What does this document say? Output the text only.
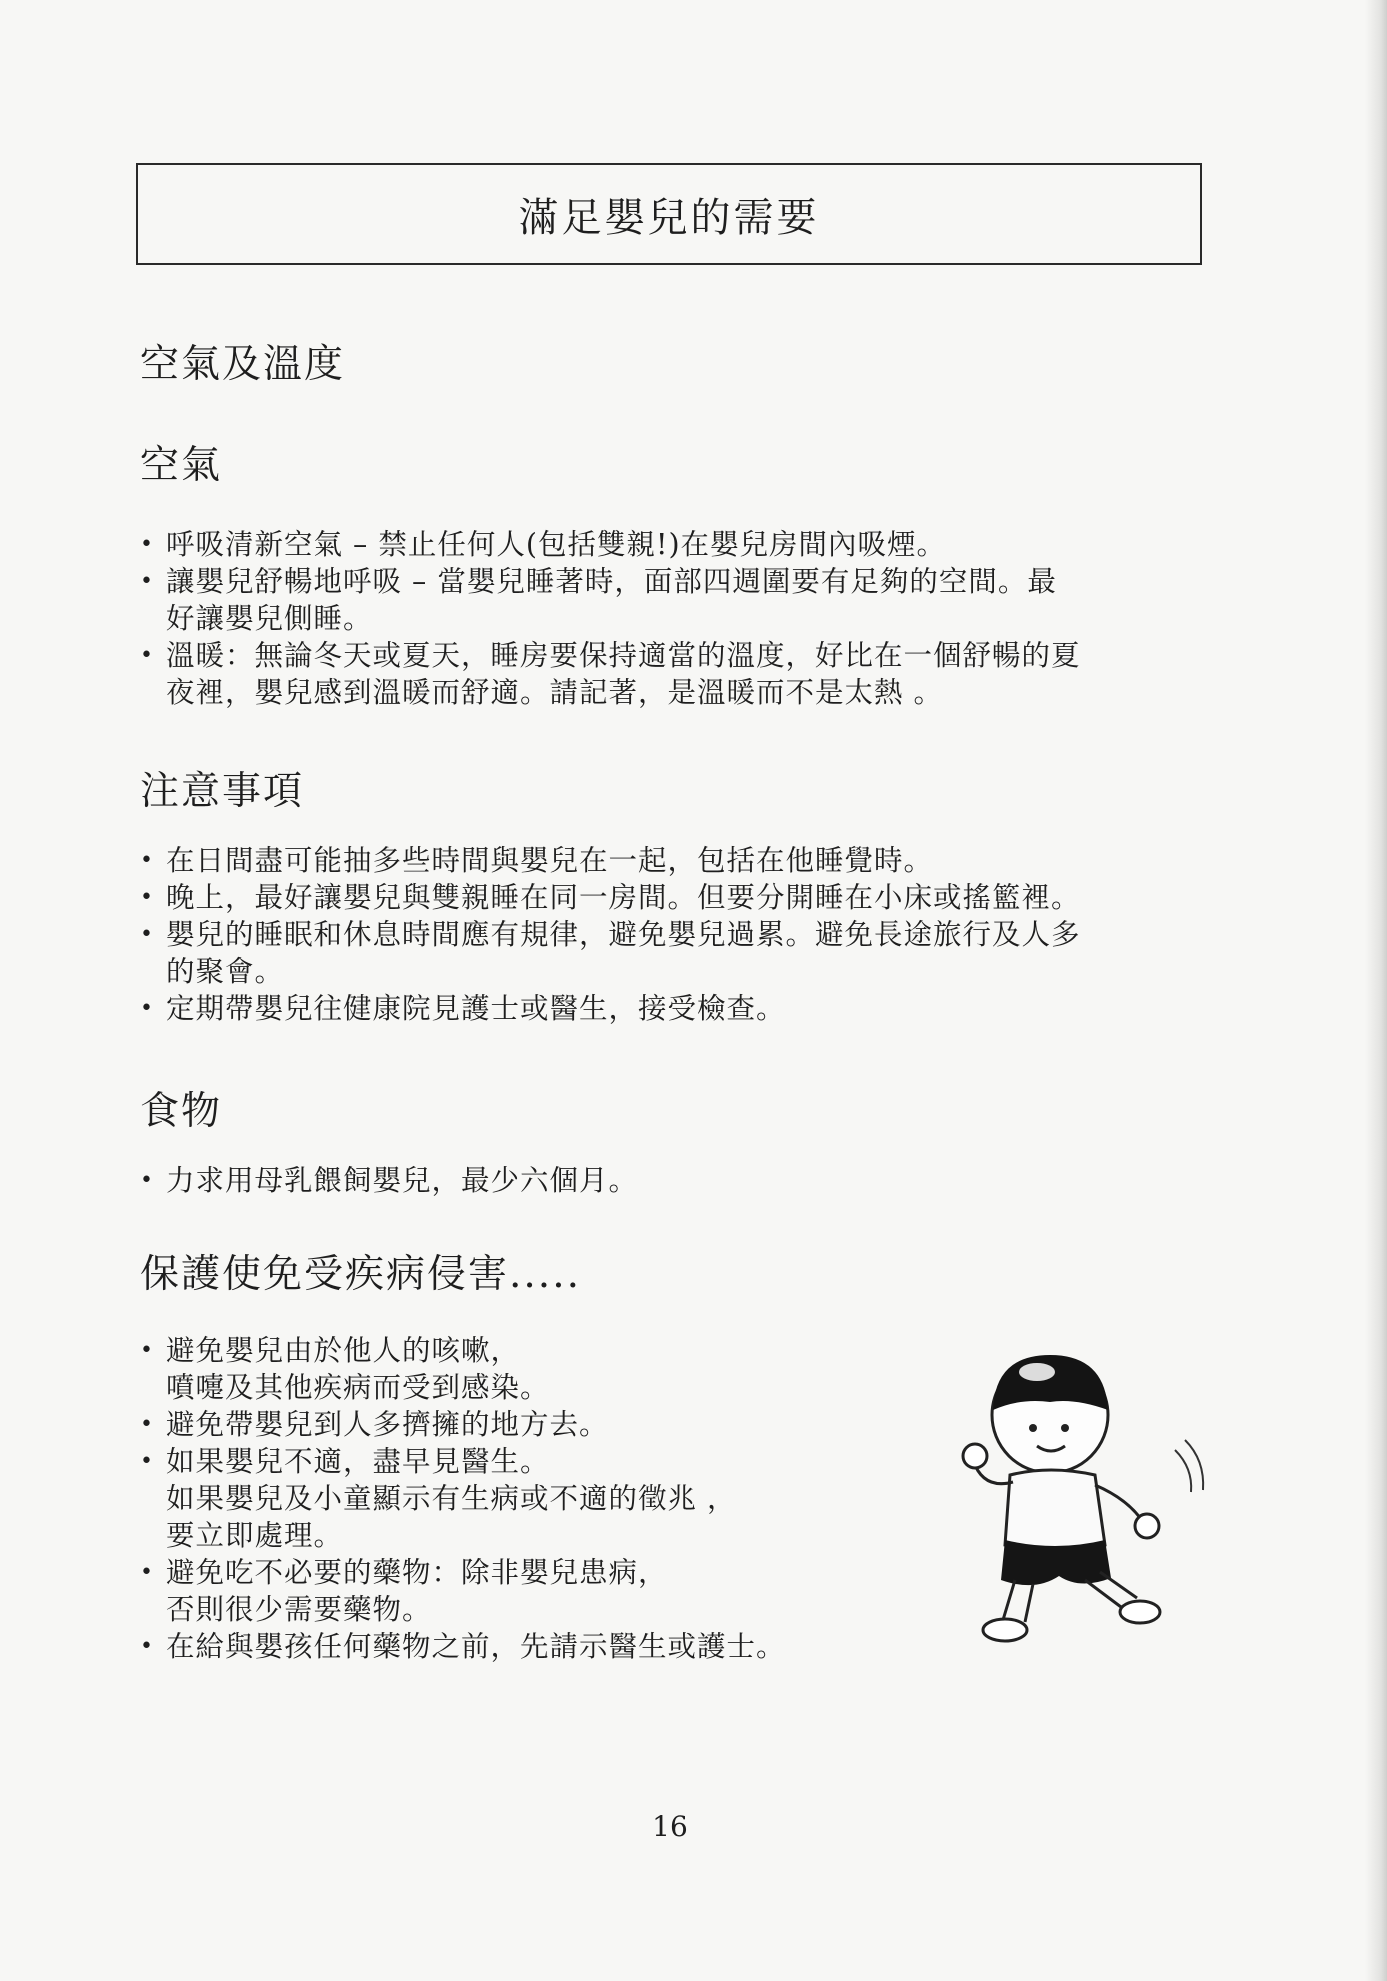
滿足嬰兒的需要
空氣及溫度
空氣
• 呼吸清新空氣 – 禁止任何人(包括雙親!)在嬰兒房間內吸煙。
• 讓嬰兒舒暢地呼吸 – 當嬰兒睡著時，面部四週圍要有足夠的空間。最
好讓嬰兒側睡。
• 溫暖：無論冬天或夏天，睡房要保持適當的溫度，好比在一個舒暢的夏
夜裡，嬰兒感到溫暖而舒適。請記著，是溫暖而不是太熱 。
注意事項
• 在日間盡可能抽多些時間與嬰兒在一起，包括在他睡覺時。
• 晚上，最好讓嬰兒與雙親睡在同一房間。但要分開睡在小床或搖籃裡。
• 嬰兒的睡眠和休息時間應有規律，避免嬰兒過累。避免長途旅行及人多
的聚會。
• 定期帶嬰兒往健康院見護士或醫生，接受檢查。
食物
• 力求用母乳餵飼嬰兒，最少六個月。
保護使免受疾病侵害.....
• 避免嬰兒由於他人的咳嗽，
噴嚏及其他疾病而受到感染。
• 避免帶嬰兒到人多擠擁的地方去。
• 如果嬰兒不適，盡早見醫生。
如果嬰兒及小童顯示有生病或不適的徵兆 ，
要立即處理。
• 避免吃不必要的藥物：除非嬰兒患病，
否則很少需要藥物。
• 在給與嬰孩任何藥物之前，先請示醫生或護士。
16
